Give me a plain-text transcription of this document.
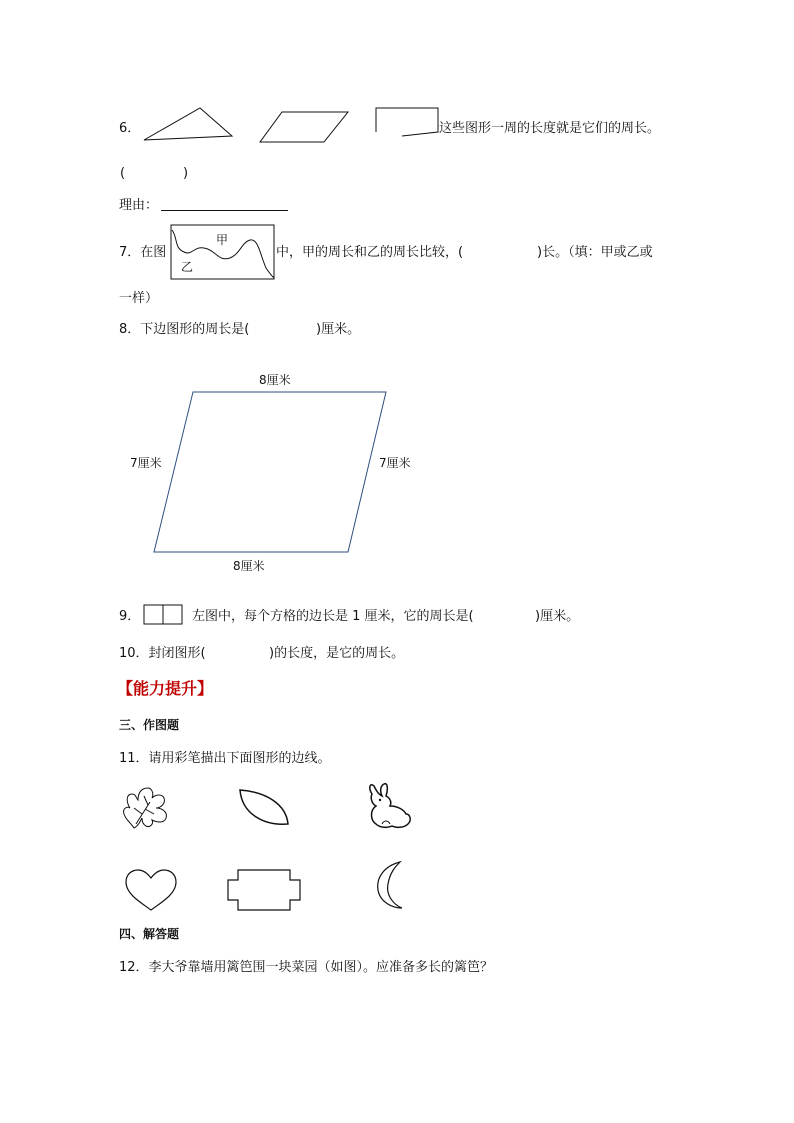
6．	这些图形一周的长度就是它们的周长。
(	)
理由：
7．在图
甲
乙
中，甲的周长和乙的周长比较，(	)长。（填：甲或乙或
一样）
8．下边图形的周长是(	)厘米。
8厘米
8厘米
7厘米	7厘米
9．	左图中，每个方格的边长是 1 厘米，它的周长是(	)厘米。
10．封闭图形(	)的长度，是它的周长。
【能力提升】
三、作图题
11．请用彩笔描出下面图形的边线。
四、解答题
12．李大爷靠墙用篱笆围一块菜园（如图）。应准备多长的篱笆？
